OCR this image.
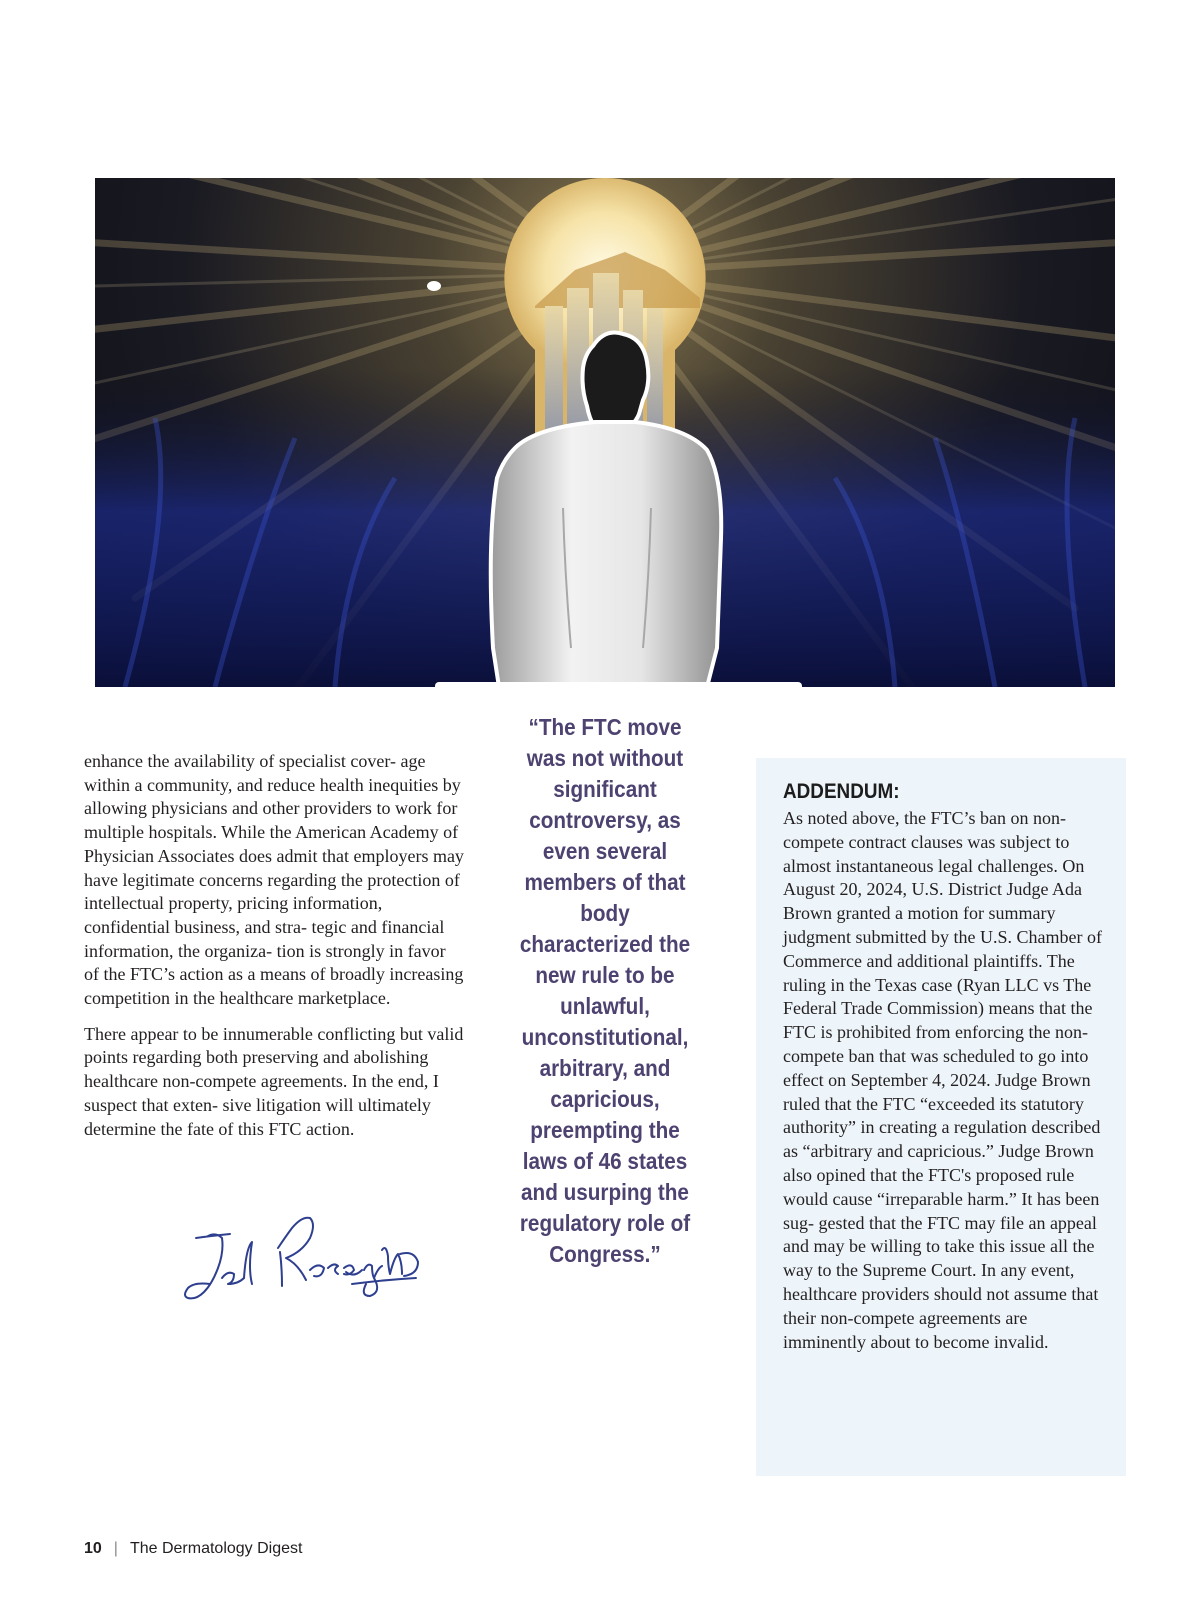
enhance the availability of specialist cover- age within a community, and reduce health inequities by allowing physicians and other providers to work for multiple hospitals. While the American Academy of Physician Associates does admit that employers may have legitimate concerns regarding the protection of intellectual property, pricing information, confidential business, and stra- tegic and financial information, the organiza- tion is strongly in favor of the FTC’s action as a means of broadly increasing competition in the healthcare marketplace.

There appear to be innumerable conflicting but valid points regarding both preserving and abolishing healthcare non-compete agreements. In the end, I suspect that exten- sive litigation will ultimately determine the fate of this FTC action.

“The FTC move was not without significant controversy, as even several members of that body characterized the new rule to be unlawful, unconstitutional, arbitrary, and capricious, preempting the laws of 46 states and usurping the regulatory role of Congress.”
ADDENDUM:

As noted above, the FTC’s ban on non-compete contract clauses was subject to almost instantaneous legal challenges. On August 20, 2024, U.S. District Judge Ada Brown granted a motion for summary judgment submitted by the U.S. Chamber of Commerce and additional plaintiffs. The ruling in the Texas case (Ryan LLC vs The Federal Trade Commission) means that the FTC is prohibited from enforcing the non-compete ban that was scheduled to go into effect on September 4, 2024. Judge Brown ruled that the FTC “exceeded its statutory authority” in creating a regulation described as “arbitrary and capricious.” Judge Brown also opined that the FTC's proposed rule would cause “irreparable harm.” It has been sug- gested that the FTC may file an appeal and may be willing to take this issue all the way to the Supreme Court. In any event, healthcare providers should not assume that their non-compete agreements are imminently about to become invalid.

10 | The Dermatology Digest
